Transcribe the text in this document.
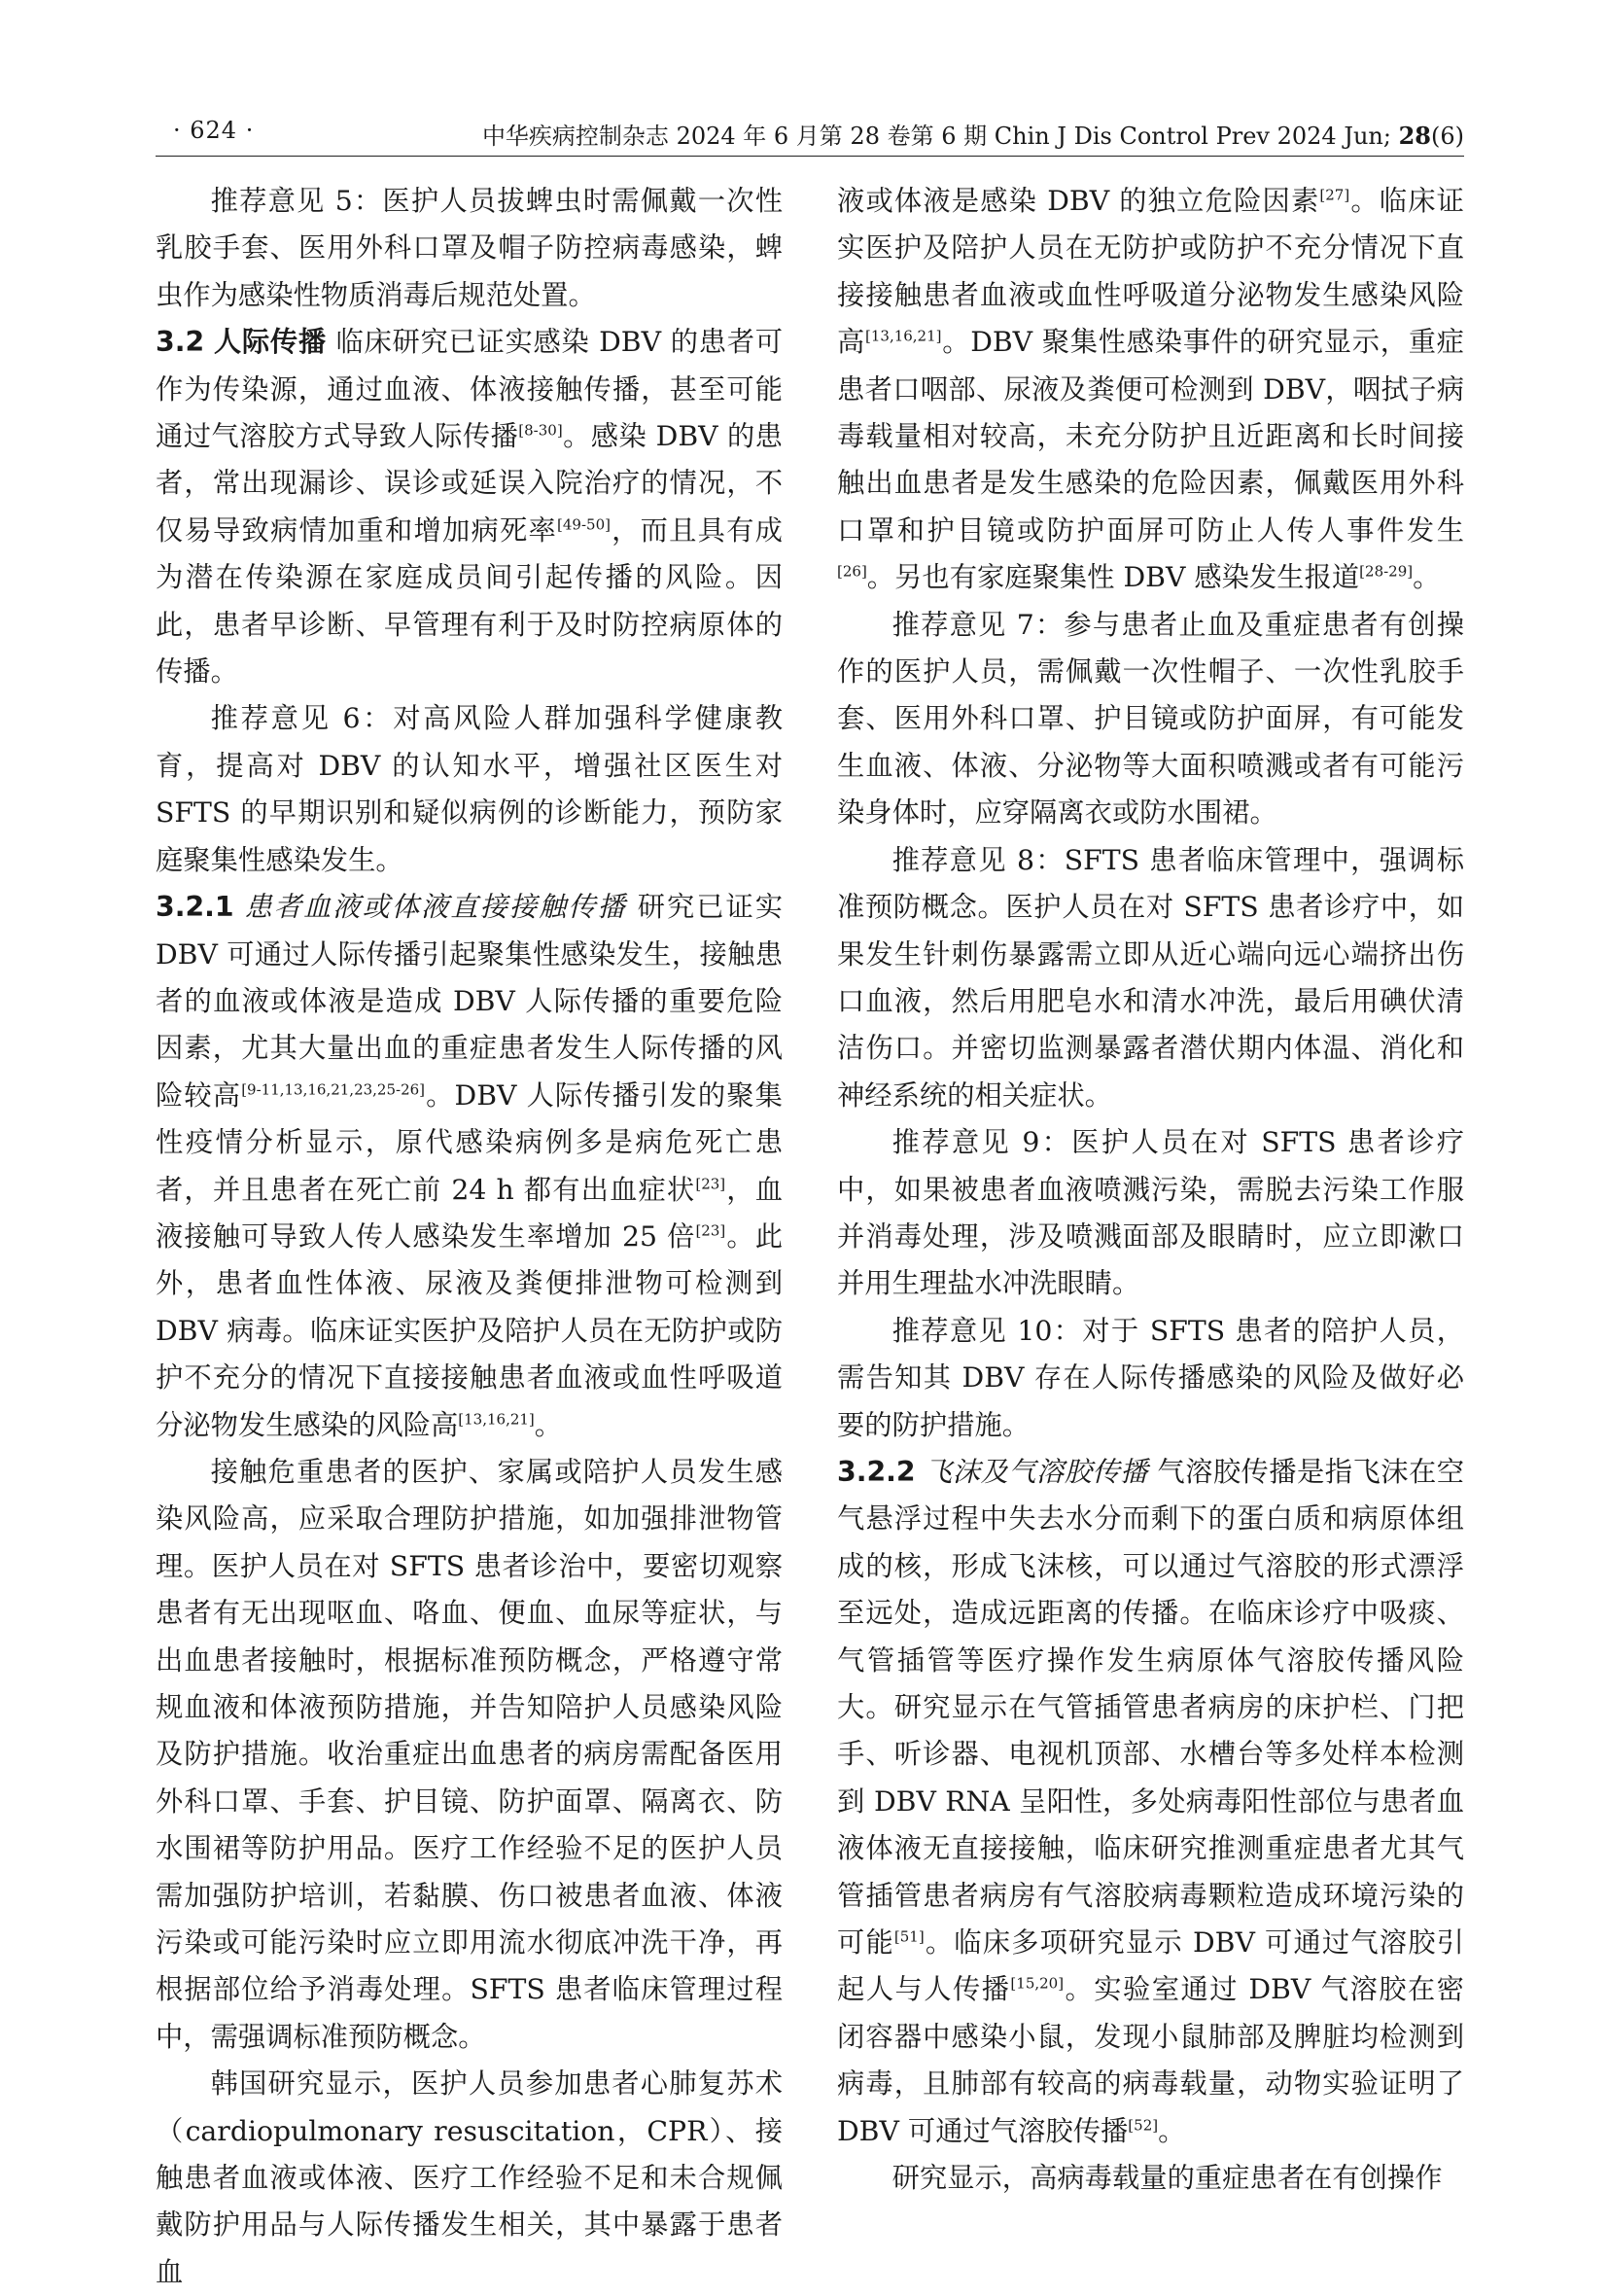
· 624 ·	中华疾病控制杂志 2024 年 6 月第 28 卷第 6 期 Chin J Dis Control Prev 2024 Jun; 28(6)

推荐意见 5：医护人员拔蜱虫时需佩戴一次性乳胶手套、医用外科口罩及帽子防控病毒感染，蜱虫作为感染性物质消毒后规范处置。

3.2 人际传播 临床研究已证实感染 DBV 的患者可作为传染源，通过血液、体液接触传播，甚至可能通过气溶胶方式导致人际传播[8-30]。感染 DBV 的患者，常出现漏诊、误诊或延误入院治疗的情况，不仅易导致病情加重和增加病死率[49-50]，而且具有成为潜在传染源在家庭成员间引起传播的风险。因此，患者早诊断、早管理有利于及时防控病原体的传播。

推荐意见 6：对高风险人群加强科学健康教育，提高对 DBV 的认知水平，增强社区医生对 SFTS 的早期识别和疑似病例的诊断能力，预防家庭聚集性感染发生。

3.2.1 患者血液或体液直接接触传播 研究已证实 DBV 可通过人际传播引起聚集性感染发生，接触患者的血液或体液是造成 DBV 人际传播的重要危险因素，尤其大量出血的重症患者发生人际传播的风险较高[9-11,13,16,21,23,25-26]。DBV 人际传播引发的聚集性疫情分析显示，原代感染病例多是病危死亡患者，并且患者在死亡前 24 h 都有出血症状[23]，血液接触可导致人传人感染发生率增加 25 倍[23]。此外，患者血性体液、尿液及粪便排泄物可检测到 DBV 病毒。临床证实医护及陪护人员在无防护或防护不充分的情况下直接接触患者血液或血性呼吸道分泌物发生感染的风险高[13,16,21]。

接触危重患者的医护、家属或陪护人员发生感染风险高，应采取合理防护措施，如加强排泄物管理。医护人员在对 SFTS 患者诊治中，要密切观察患者有无出现呕血、咯血、便血、血尿等症状，与出血患者接触时，根据标准预防概念，严格遵守常规血液和体液预防措施，并告知陪护人员感染风险及防护措施。收治重症出血患者的病房需配备医用外科口罩、手套、护目镜、防护面罩、隔离衣、防水围裙等防护用品。医疗工作经验不足的医护人员需加强防护培训，若黏膜、伤口被患者血液、体液污染或可能污染时应立即用流水彻底冲洗干净，再根据部位给予消毒处理。SFTS 患者临床管理过程中，需强调标准预防概念。

韩国研究显示，医护人员参加患者心肺复苏术（cardiopulmonary resuscitation，CPR）、接触患者血液或体液、医疗工作经验不足和未合规佩戴防护用品与人际传播发生相关，其中暴露于患者血

液或体液是感染 DBV 的独立危险因素[27]。临床证实医护及陪护人员在无防护或防护不充分情况下直接接触患者血液或血性呼吸道分泌物发生感染风险高[13,16,21]。DBV 聚集性感染事件的研究显示，重症患者口咽部、尿液及粪便可检测到 DBV，咽拭子病毒载量相对较高，未充分防护且近距离和长时间接触出血患者是发生感染的危险因素，佩戴医用外科口罩和护目镜或防护面屏可防止人传人事件发生[26]。另也有家庭聚集性 DBV 感染发生报道[28-29]。

推荐意见 7：参与患者止血及重症患者有创操作的医护人员，需佩戴一次性帽子、一次性乳胶手套、医用外科口罩、护目镜或防护面屏，有可能发生血液、体液、分泌物等大面积喷溅或者有可能污染身体时，应穿隔离衣或防水围裙。

推荐意见 8：SFTS 患者临床管理中，强调标准预防概念。医护人员在对 SFTS 患者诊疗中，如果发生针刺伤暴露需立即从近心端向远心端挤出伤口血液，然后用肥皂水和清水冲洗，最后用碘伏清洁伤口。并密切监测暴露者潜伏期内体温、消化和神经系统的相关症状。

推荐意见 9：医护人员在对 SFTS 患者诊疗中，如果被患者血液喷溅污染，需脱去污染工作服并消毒处理，涉及喷溅面部及眼睛时，应立即漱口并用生理盐水冲洗眼睛。

推荐意见 10：对于 SFTS 患者的陪护人员，需告知其 DBV 存在人际传播感染的风险及做好必要的防护措施。

3.2.2 飞沫及气溶胶传播 气溶胶传播是指飞沫在空气悬浮过程中失去水分而剩下的蛋白质和病原体组成的核，形成飞沫核，可以通过气溶胶的形式漂浮至远处，造成远距离的传播。在临床诊疗中吸痰、气管插管等医疗操作发生病原体气溶胶传播风险大。研究显示在气管插管患者病房的床护栏、门把手、听诊器、电视机顶部、水槽台等多处样本检测到 DBV RNA 呈阳性，多处病毒阳性部位与患者血液体液无直接接触，临床研究推测重症患者尤其气管插管患者病房有气溶胶病毒颗粒造成环境污染的可能[51]。临床多项研究显示 DBV 可通过气溶胶引起人与人传播[15,20]。实验室通过 DBV 气溶胶在密闭容器中感染小鼠，发现小鼠肺部及脾脏均检测到病毒，且肺部有较高的病毒载量，动物实验证明了 DBV 可通过气溶胶传播[52]。

研究显示，高病毒载量的重症患者在有创操作
